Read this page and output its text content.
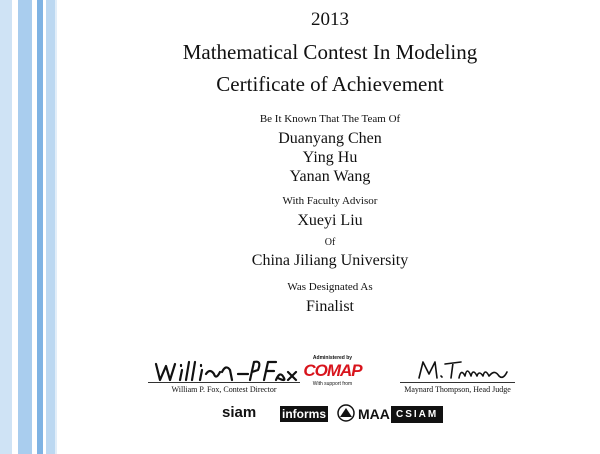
2013
Mathematical Contest In Modeling
Certificate of Achievement
Be It Known That The Team Of
Duanyang Chen
Ying Hu
Yanan Wang
With Faculty Advisor
Xueyi Liu
Of
China Jiliang University
Was Designated As
Finalist
William P. Fox, Contest Director
Administered by
COMAP
With support from
Maynard Thompson, Head Judge
siam informs MAA CSIAM
